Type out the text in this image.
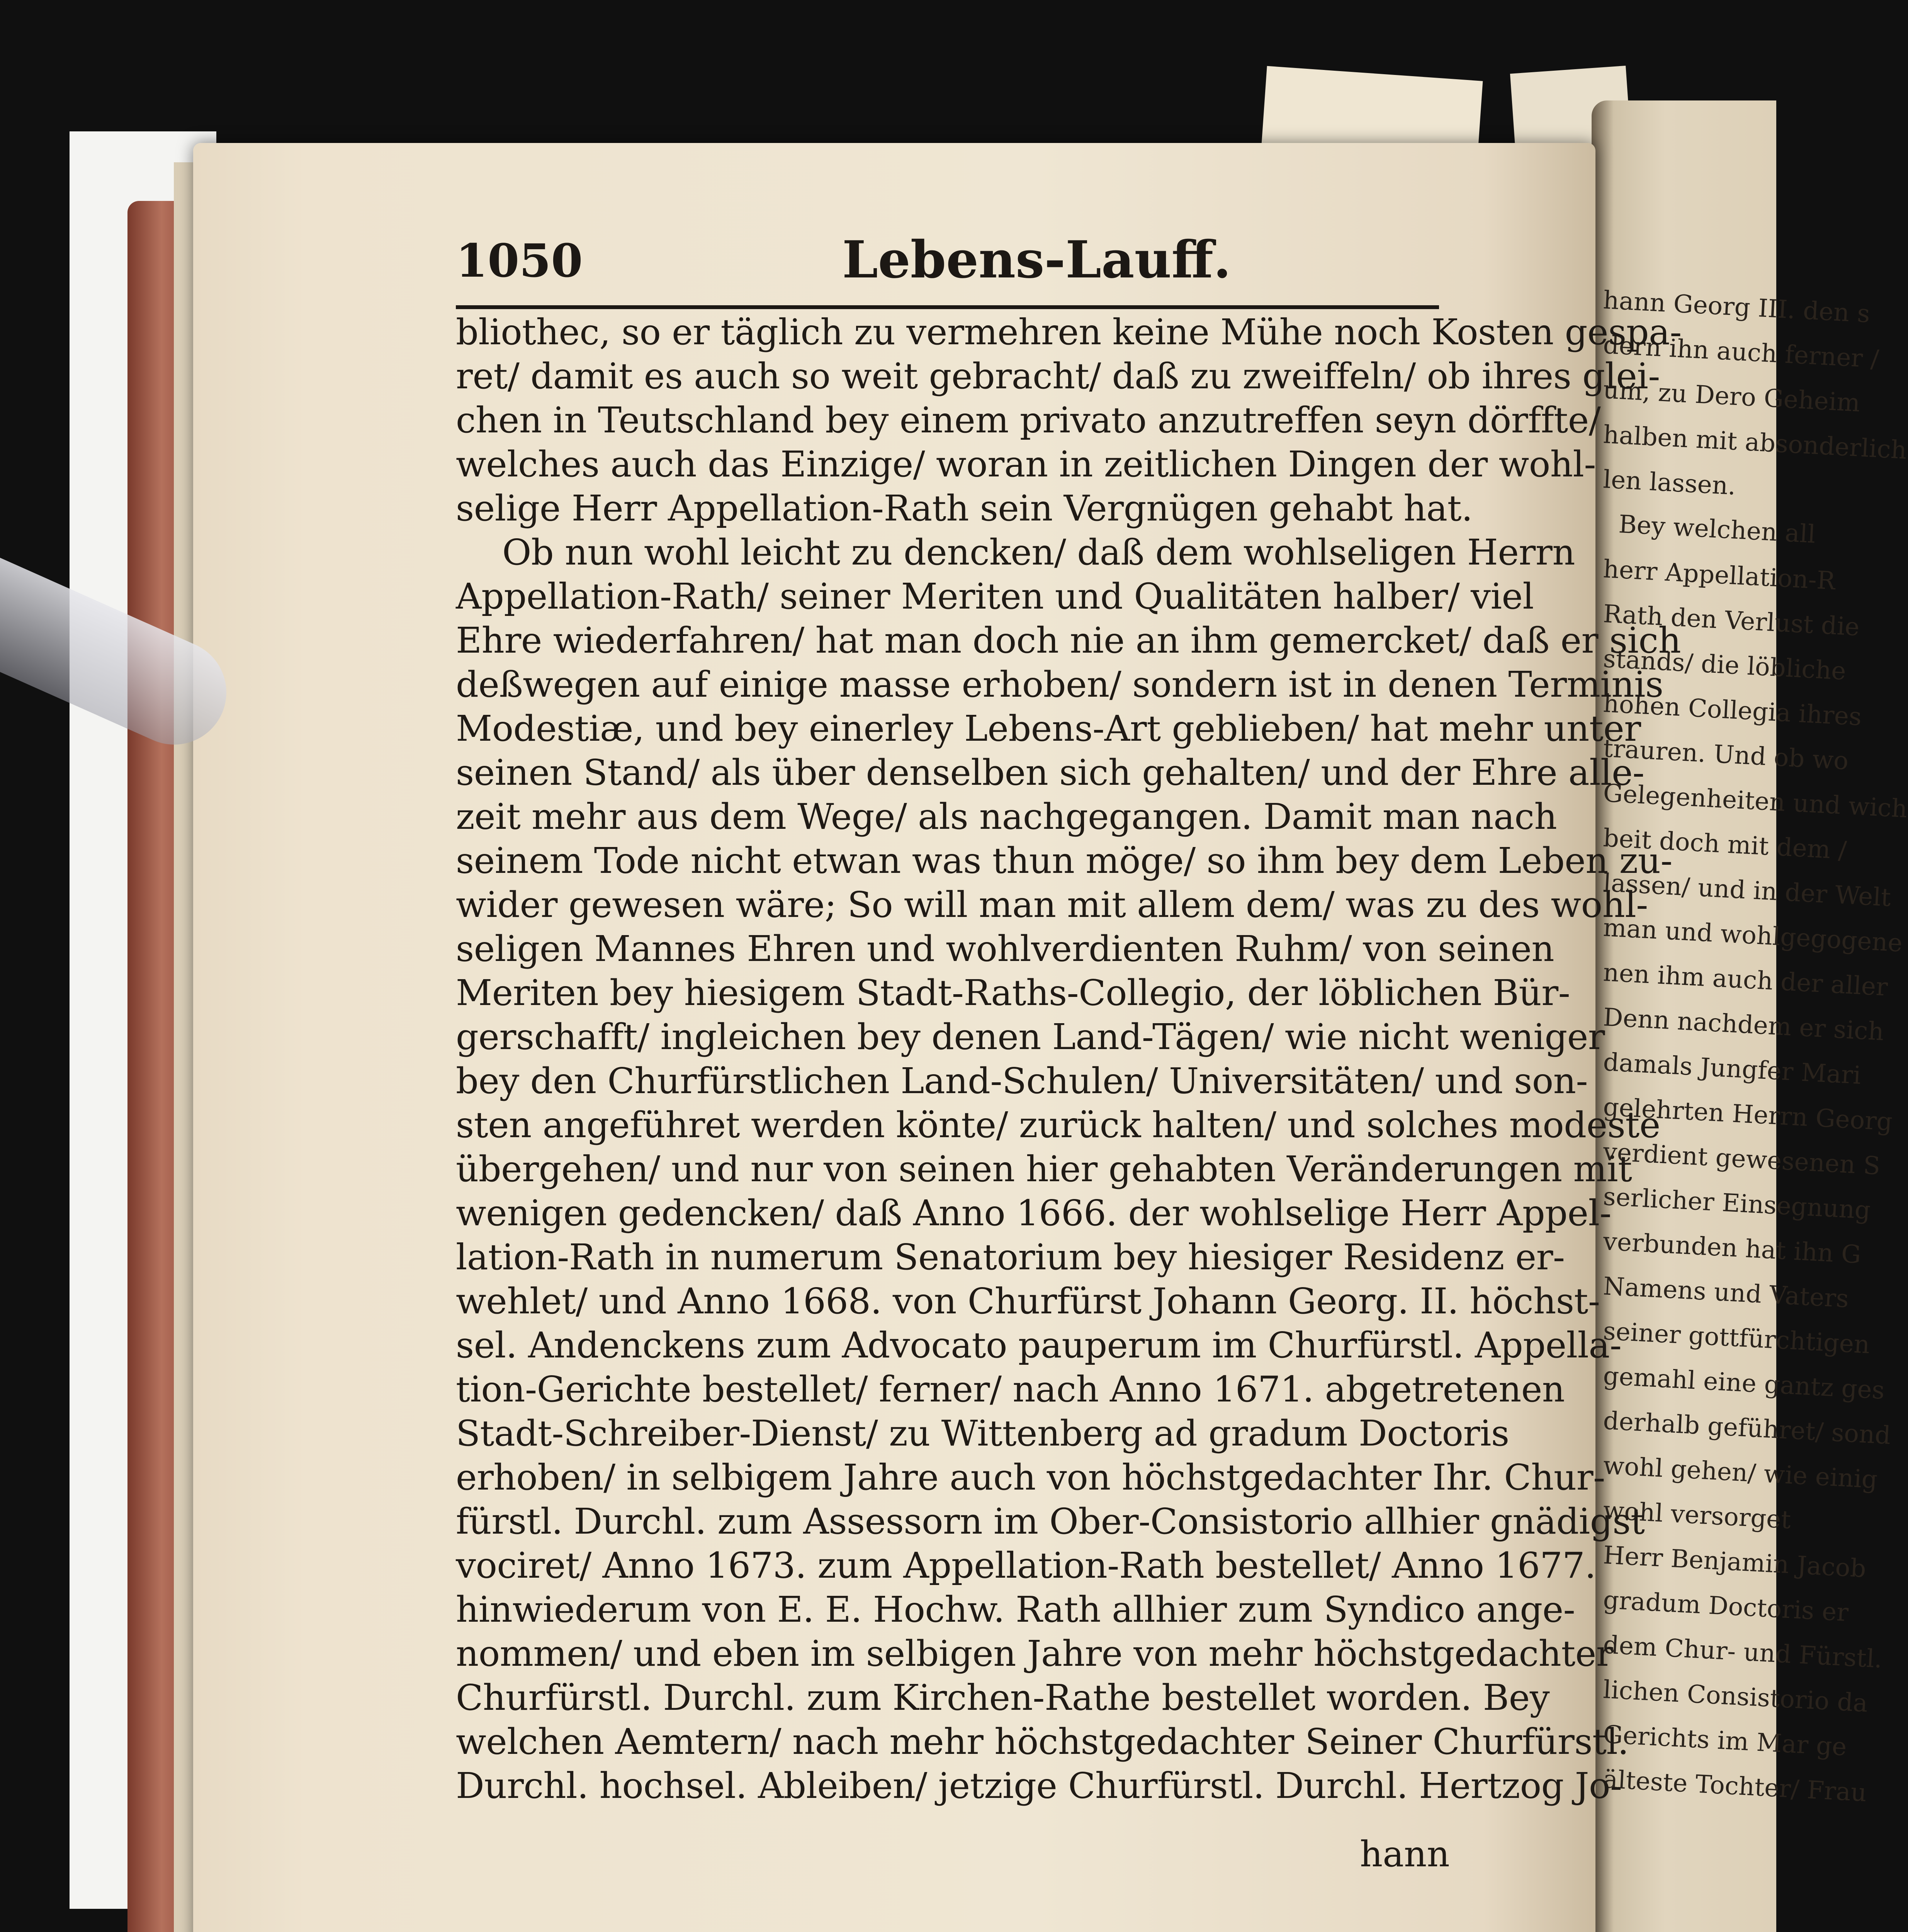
hann Georg III. den s
dern ihn auch ferner /
um, zu Dero Geheim
halben mit absonderlich
len lassen.
Bey welchen all
herr Appellation-R
Rath den Verlust die
stands/ die löbliche
hohen Collegia ihres
trauren. Und ob wo
Gelegenheiten und wich
beit doch mit dem /
lassen/ und in der Welt
man und wohlgegogene
nen ihm auch der aller
Denn nachdem er sich
damals Jungfer Mari
gelehrten Herrn Georg
verdient gewesenen S
serlicher Einsegnung
verbunden hat ihn G
Namens und Vaters
seiner gottfürchtigen
gemahl eine gantz ges
derhalb geführet/ sond
wohl gehen/ wie einig
wohl versorget
Herr Benjamin Jacob
gradum Doctoris er
dem Chur- und Fürstl.
lichen Consistorio da
Gerichts im Mar ge
älteste Tochter/ Frau
1050	Lebens-Lauff.
bliothec, so er täglich zu vermehren keine Mühe noch Kosten gespa-
ret/ damit es auch so weit gebracht/ daß zu zweiffeln/ ob ihres glei-
chen in Teutschland bey einem privato anzutreffen seyn dörffte/
welches auch das Einzige/ woran in zeitlichen Dingen der wohl-
selige Herr Appellation-Rath sein Vergnügen gehabt hat.
Ob nun wohl leicht zu dencken/ daß dem wohlseligen Herrn
Appellation-Rath/ seiner Meriten und Qualitäten halber/ viel
Ehre wiederfahren/ hat man doch nie an ihm gemercket/ daß er sich
deßwegen auf einige masse erhoben/ sondern ist in denen Terminis
Modestiæ, und bey einerley Lebens-Art geblieben/ hat mehr unter
seinen Stand/ als über denselben sich gehalten/ und der Ehre alle-
zeit mehr aus dem Wege/ als nachgegangen. Damit man nach
seinem Tode nicht etwan was thun möge/ so ihm bey dem Leben zu-
wider gewesen wäre; So will man mit allem dem/ was zu des wohl-
seligen Mannes Ehren und wohlverdienten Ruhm/ von seinen
Meriten bey hiesigem Stadt-Raths-Collegio, der löblichen Bür-
gerschafft/ ingleichen bey denen Land-Tägen/ wie nicht weniger
bey den Churfürstlichen Land-Schulen/ Universitäten/ und son-
sten angeführet werden könte/ zurück halten/ und solches modeste
übergehen/ und nur von seinen hier gehabten Veränderungen mit
wenigen gedencken/ daß Anno 1666. der wohlselige Herr Appel-
lation-Rath in numerum Senatorium bey hiesiger Residenz er-
wehlet/ und Anno 1668. von Churfürst Johann Georg. II. höchst-
sel. Andenckens zum Advocato pauperum im Churfürstl. Appella-
tion-Gerichte bestellet/ ferner/ nach Anno 1671. abgetretenen
Stadt-Schreiber-Dienst/ zu Wittenberg ad gradum Doctoris
erhoben/ in selbigem Jahre auch von höchstgedachter Ihr. Chur-
fürstl. Durchl. zum Assessorn im Ober-Consistorio allhier gnädigst
vociret/ Anno 1673. zum Appellation-Rath bestellet/ Anno 1677.
hinwiederum von E. E. Hochw. Rath allhier zum Syndico ange-
nommen/ und eben im selbigen Jahre von mehr höchstgedachter
Churfürstl. Durchl. zum Kirchen-Rathe bestellet worden. Bey
welchen Aemtern/ nach mehr höchstgedachter Seiner Churfürstl.
Durchl. hochsel. Ableiben/ jetzige Churfürstl. Durchl. Hertzog Jo-
hann
